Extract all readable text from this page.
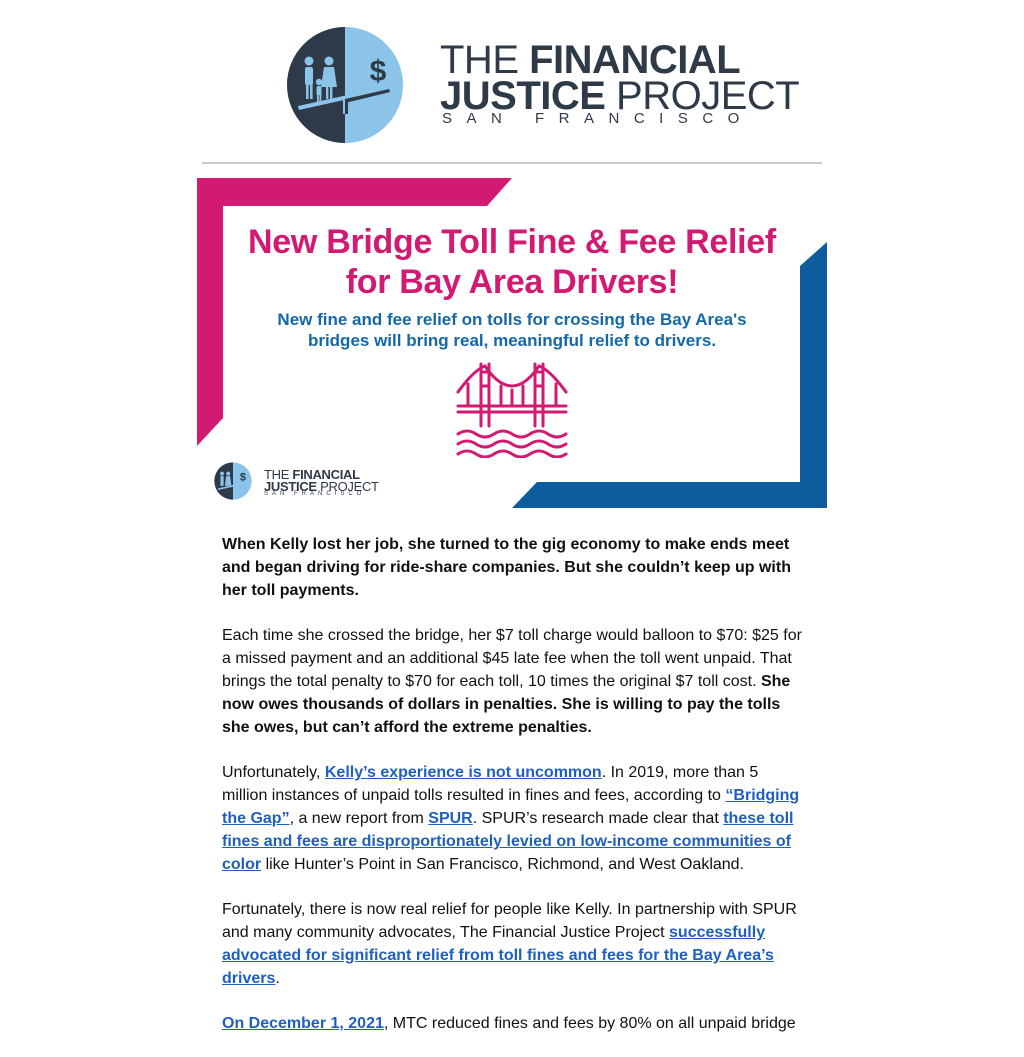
$ THE FINANCIAL
JUSTICE PROJECT
SAN FRANCISCO
New Bridge Toll Fine & Fee Relief
for Bay Area Drivers!
New fine and fee relief on tolls for crossing the Bay Area's
bridges will bring real, meaningful relief to drivers.
$ THE FINANCIAL
JUSTICE PROJECT
SAN FRANCISCO

When Kelly lost her job, she turned to the gig economy to make ends meet and began driving for ride-share companies. But she couldn’t keep up with her toll payments.

Each time she crossed the bridge, her $7 toll charge would balloon to $70: $25 for a missed payment and an additional $45 late fee when the toll went unpaid. That brings the total penalty to $70 for each toll, 10 times the original $7 toll cost. She now owes thousands of dollars in penalties. She is willing to pay the tolls she owes, but can’t afford the extreme penalties.

Unfortunately, Kelly’s experience is not uncommon. In 2019, more than 5 million instances of unpaid tolls resulted in fines and fees, according to “Bridging the Gap”, a new report from SPUR. SPUR’s research made clear that these toll fines and fees are disproportionately levied on low-income communities of color like Hunter’s Point in San Francisco, Richmond, and West Oakland.

Fortunately, there is now real relief for people like Kelly. In partnership with SPUR and many community advocates, The Financial Justice Project successfully advocated for significant relief from toll fines and fees for the Bay Area’s drivers.

On December 1, 2021, MTC reduced fines and fees by 80% on all unpaid bridge
